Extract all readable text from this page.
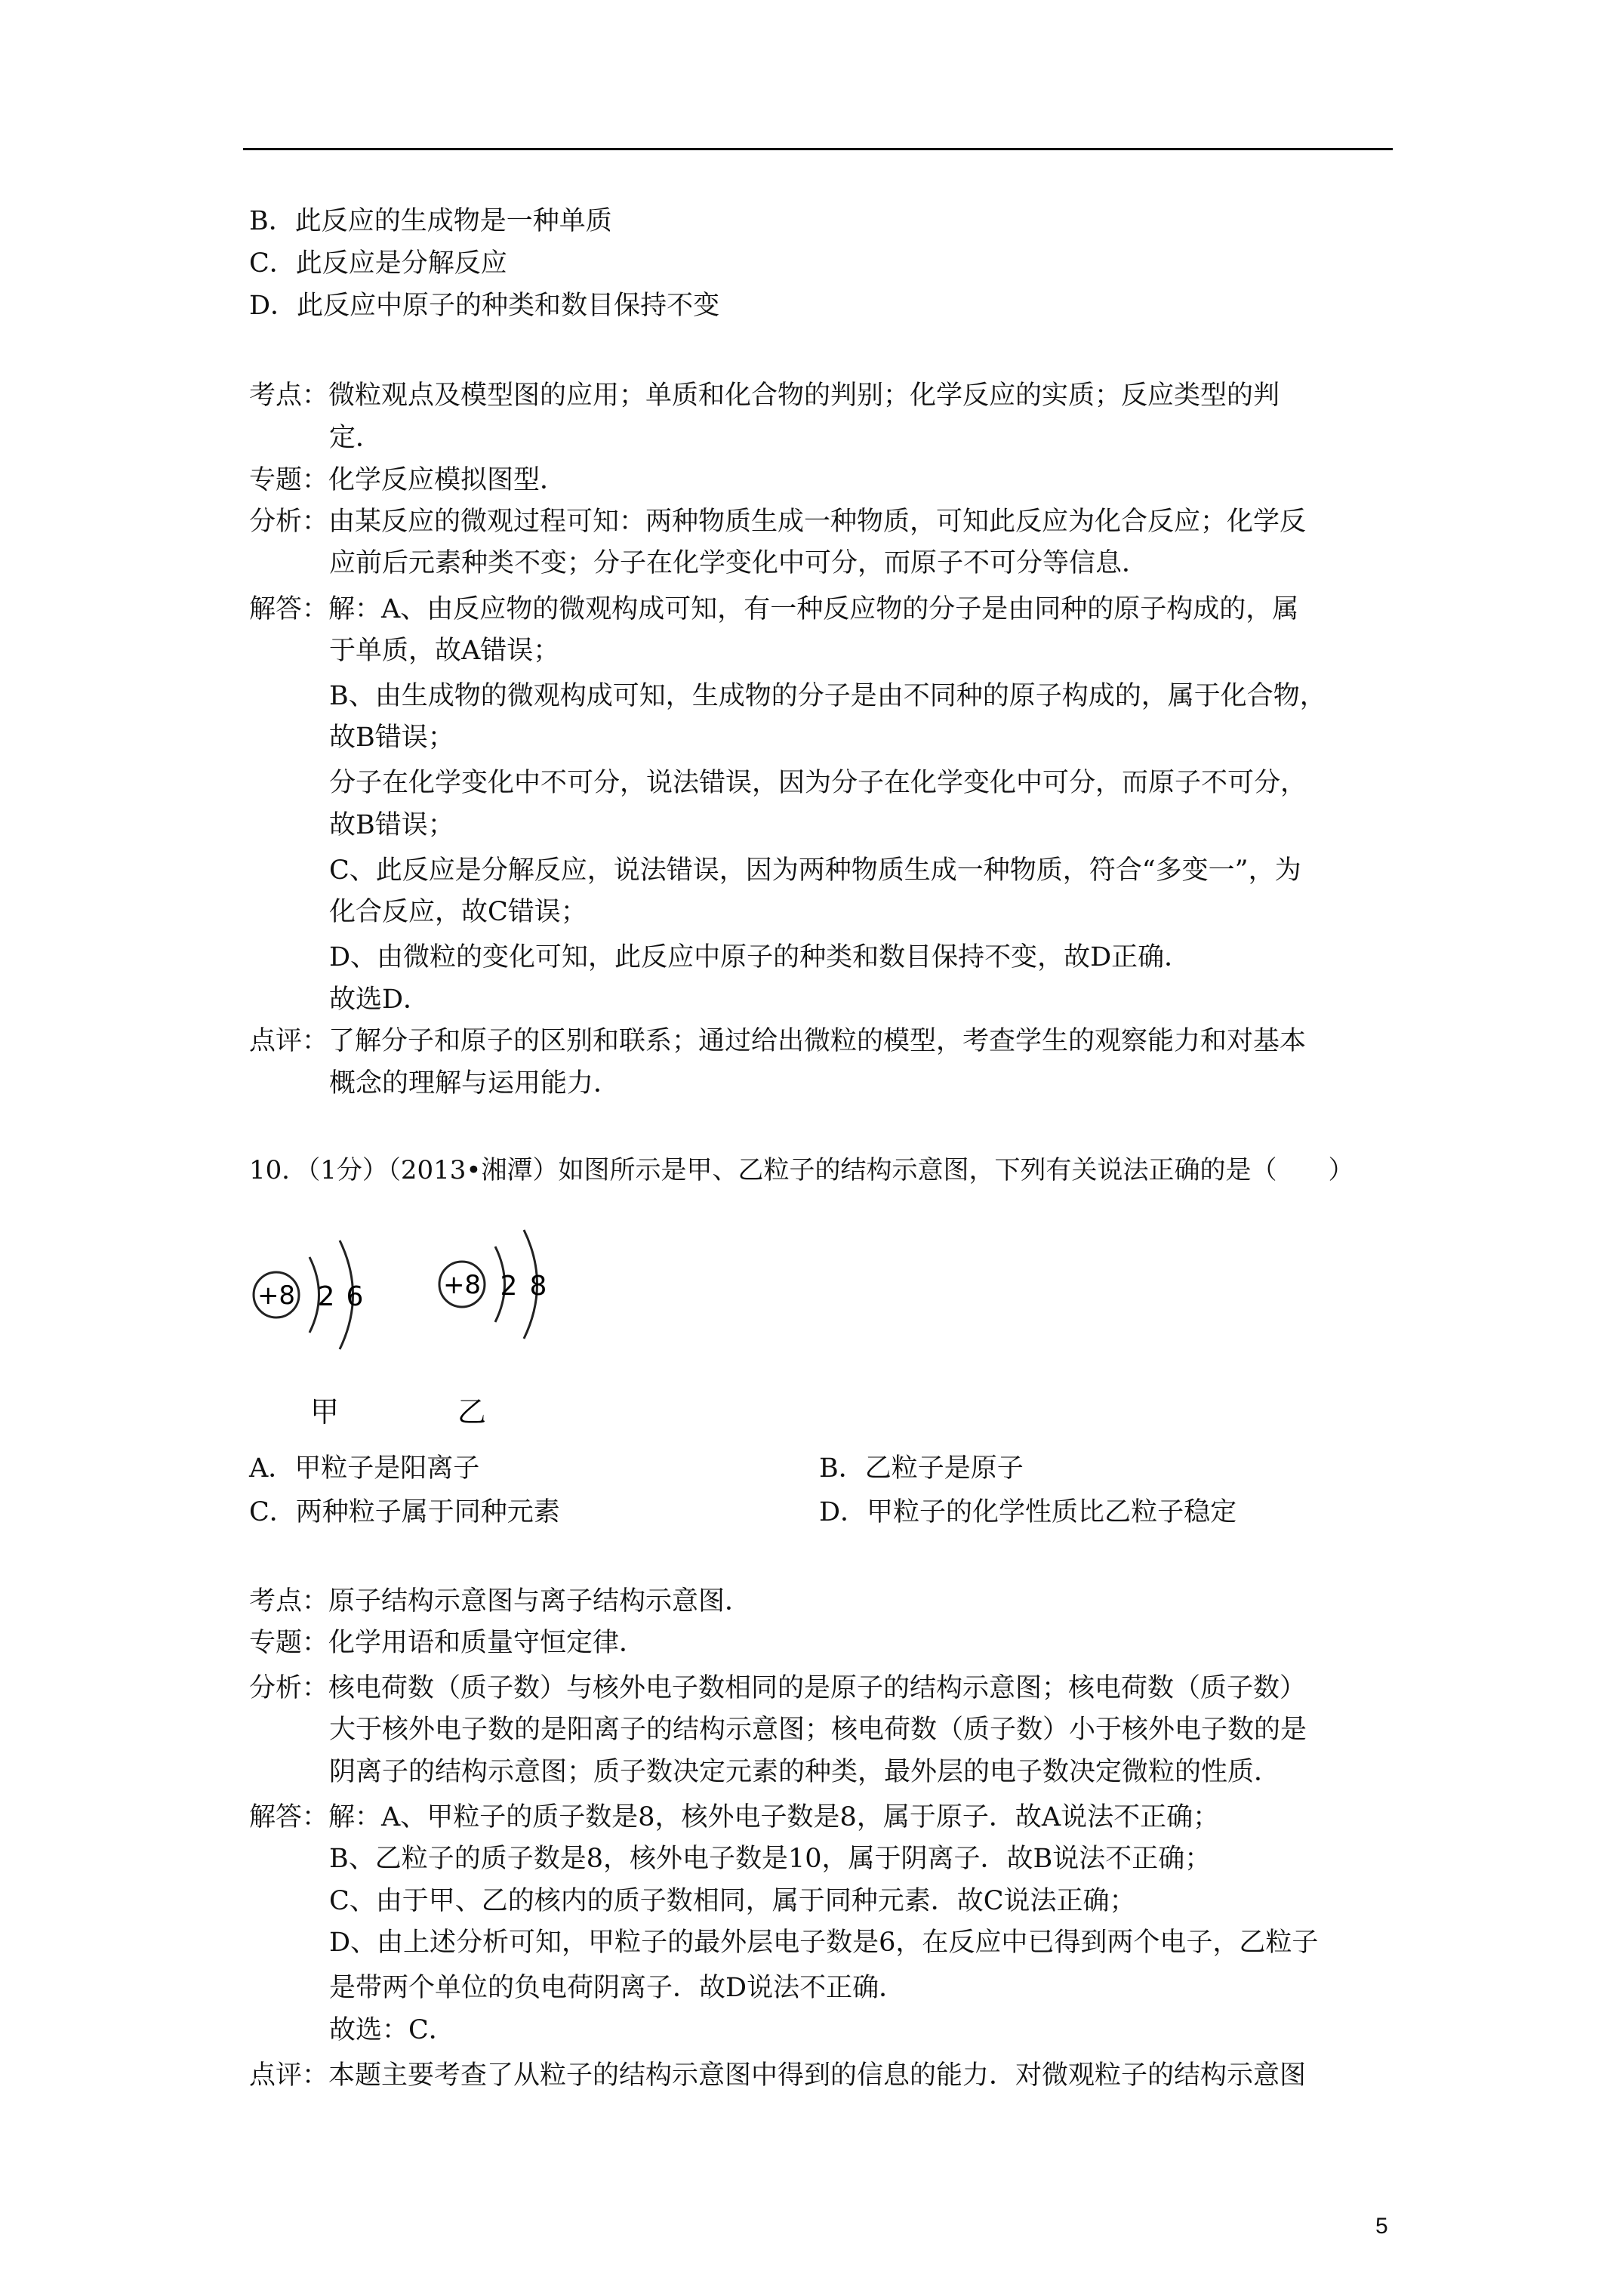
B．此反应的生成物是一种单质
C．此反应是分解反应
D．此反应中原子的种类和数目保持不变
考点：微粒观点及模型图的应用；单质和化合物的判别；化学反应的实质；反应类型的判
定．
专题：化学反应模拟图型．
分析：由某反应的微观过程可知：两种物质生成一种物质，可知此反应为化合反应；化学反
应前后元素种类不变；分子在化学变化中可分，而原子不可分等信息．
解答：解：A、由反应物的微观构成可知，有一种反应物的分子是由同种的原子构成的，属
于单质，故A错误；
B、由生成物的微观构成可知，生成物的分子是由不同种的原子构成的，属于化合物，
故B错误；
分子在化学变化中不可分，说法错误，因为分子在化学变化中可分，而原子不可分，
故B错误；
C、此反应是分解反应，说法错误，因为两种物质生成一种物质，符合“多变一”，为
化合反应，故C错误；
D、由微粒的变化可知，此反应中原子的种类和数目保持不变，故D正确．
故选D．
点评：了解分子和原子的区别和联系；通过给出微粒的模型，考查学生的观察能力和对基本
概念的理解与运用能力．
10．（1分）（2013•湘潭）如图所示是甲、乙粒子的结构示意图，下列有关说法正确的是（　　）
+8 2 6	+8 2 8
甲	乙
A．甲粒子是阳离子	B．乙粒子是原子
C．两种粒子属于同种元素	D．甲粒子的化学性质比乙粒子稳定
考点：原子结构示意图与离子结构示意图．
专题：化学用语和质量守恒定律．
分析：核电荷数（质子数）与核外电子数相同的是原子的结构示意图；核电荷数（质子数）
大于核外电子数的是阳离子的结构示意图；核电荷数（质子数）小于核外电子数的是
阴离子的结构示意图；质子数决定元素的种类，最外层的电子数决定微粒的性质．
解答：解：A、甲粒子的质子数是8，核外电子数是8，属于原子．故A说法不正确；
B、乙粒子的质子数是8，核外电子数是10，属于阴离子．故B说法不正确；
C、由于甲、乙的核内的质子数相同，属于同种元素．故C说法正确；
D、由上述分析可知，甲粒子的最外层电子数是6，在反应中已得到两个电子，乙粒子
是带两个单位的负电荷阴离子．故D说法不正确．
故选：C．
点评：本题主要考查了从粒子的结构示意图中得到的信息的能力．对微观粒子的结构示意图
5
